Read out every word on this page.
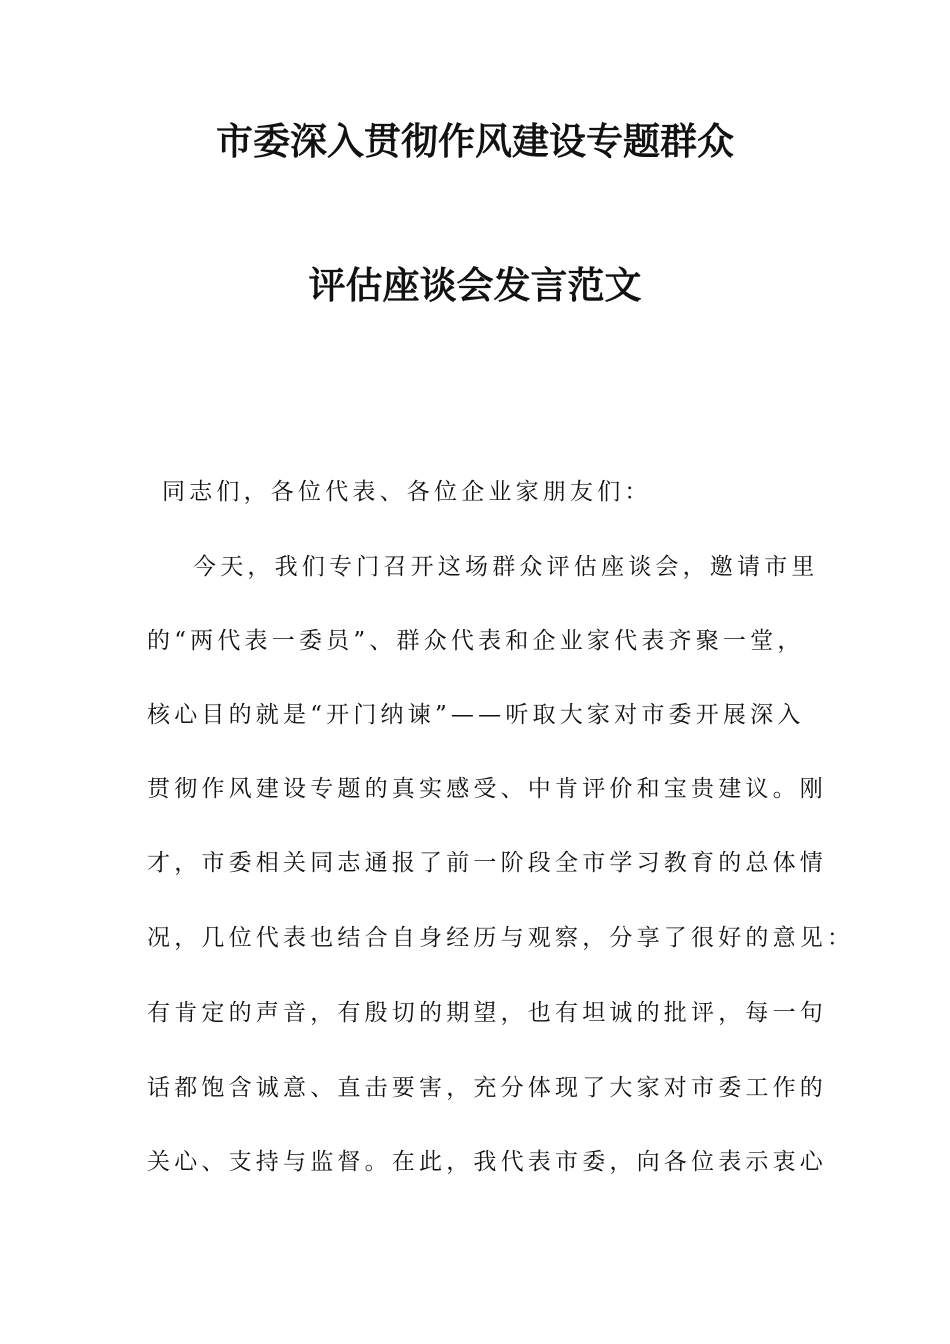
市委深入贯彻作风建设专题群众
评估座谈会发言范文
同志们，各位代表、各位企业家朋友们：
今天，我们专门召开这场群众评估座谈会，邀请市里
的“两代表一委员”、群众代表和企业家代表齐聚一堂，
核心目的就是“开门纳谏”——听取大家对市委开展深入
贯彻作风建设专题的真实感受、中肯评价和宝贵建议。刚
才，市委相关同志通报了前一阶段全市学习教育的总体情
况，几位代表也结合自身经历与观察，分享了很好的意见：
有肯定的声音，有殷切的期望，也有坦诚的批评，每一句
话都饱含诚意、直击要害，充分体现了大家对市委工作的
关心、支持与监督。在此，我代表市委，向各位表示衷心
